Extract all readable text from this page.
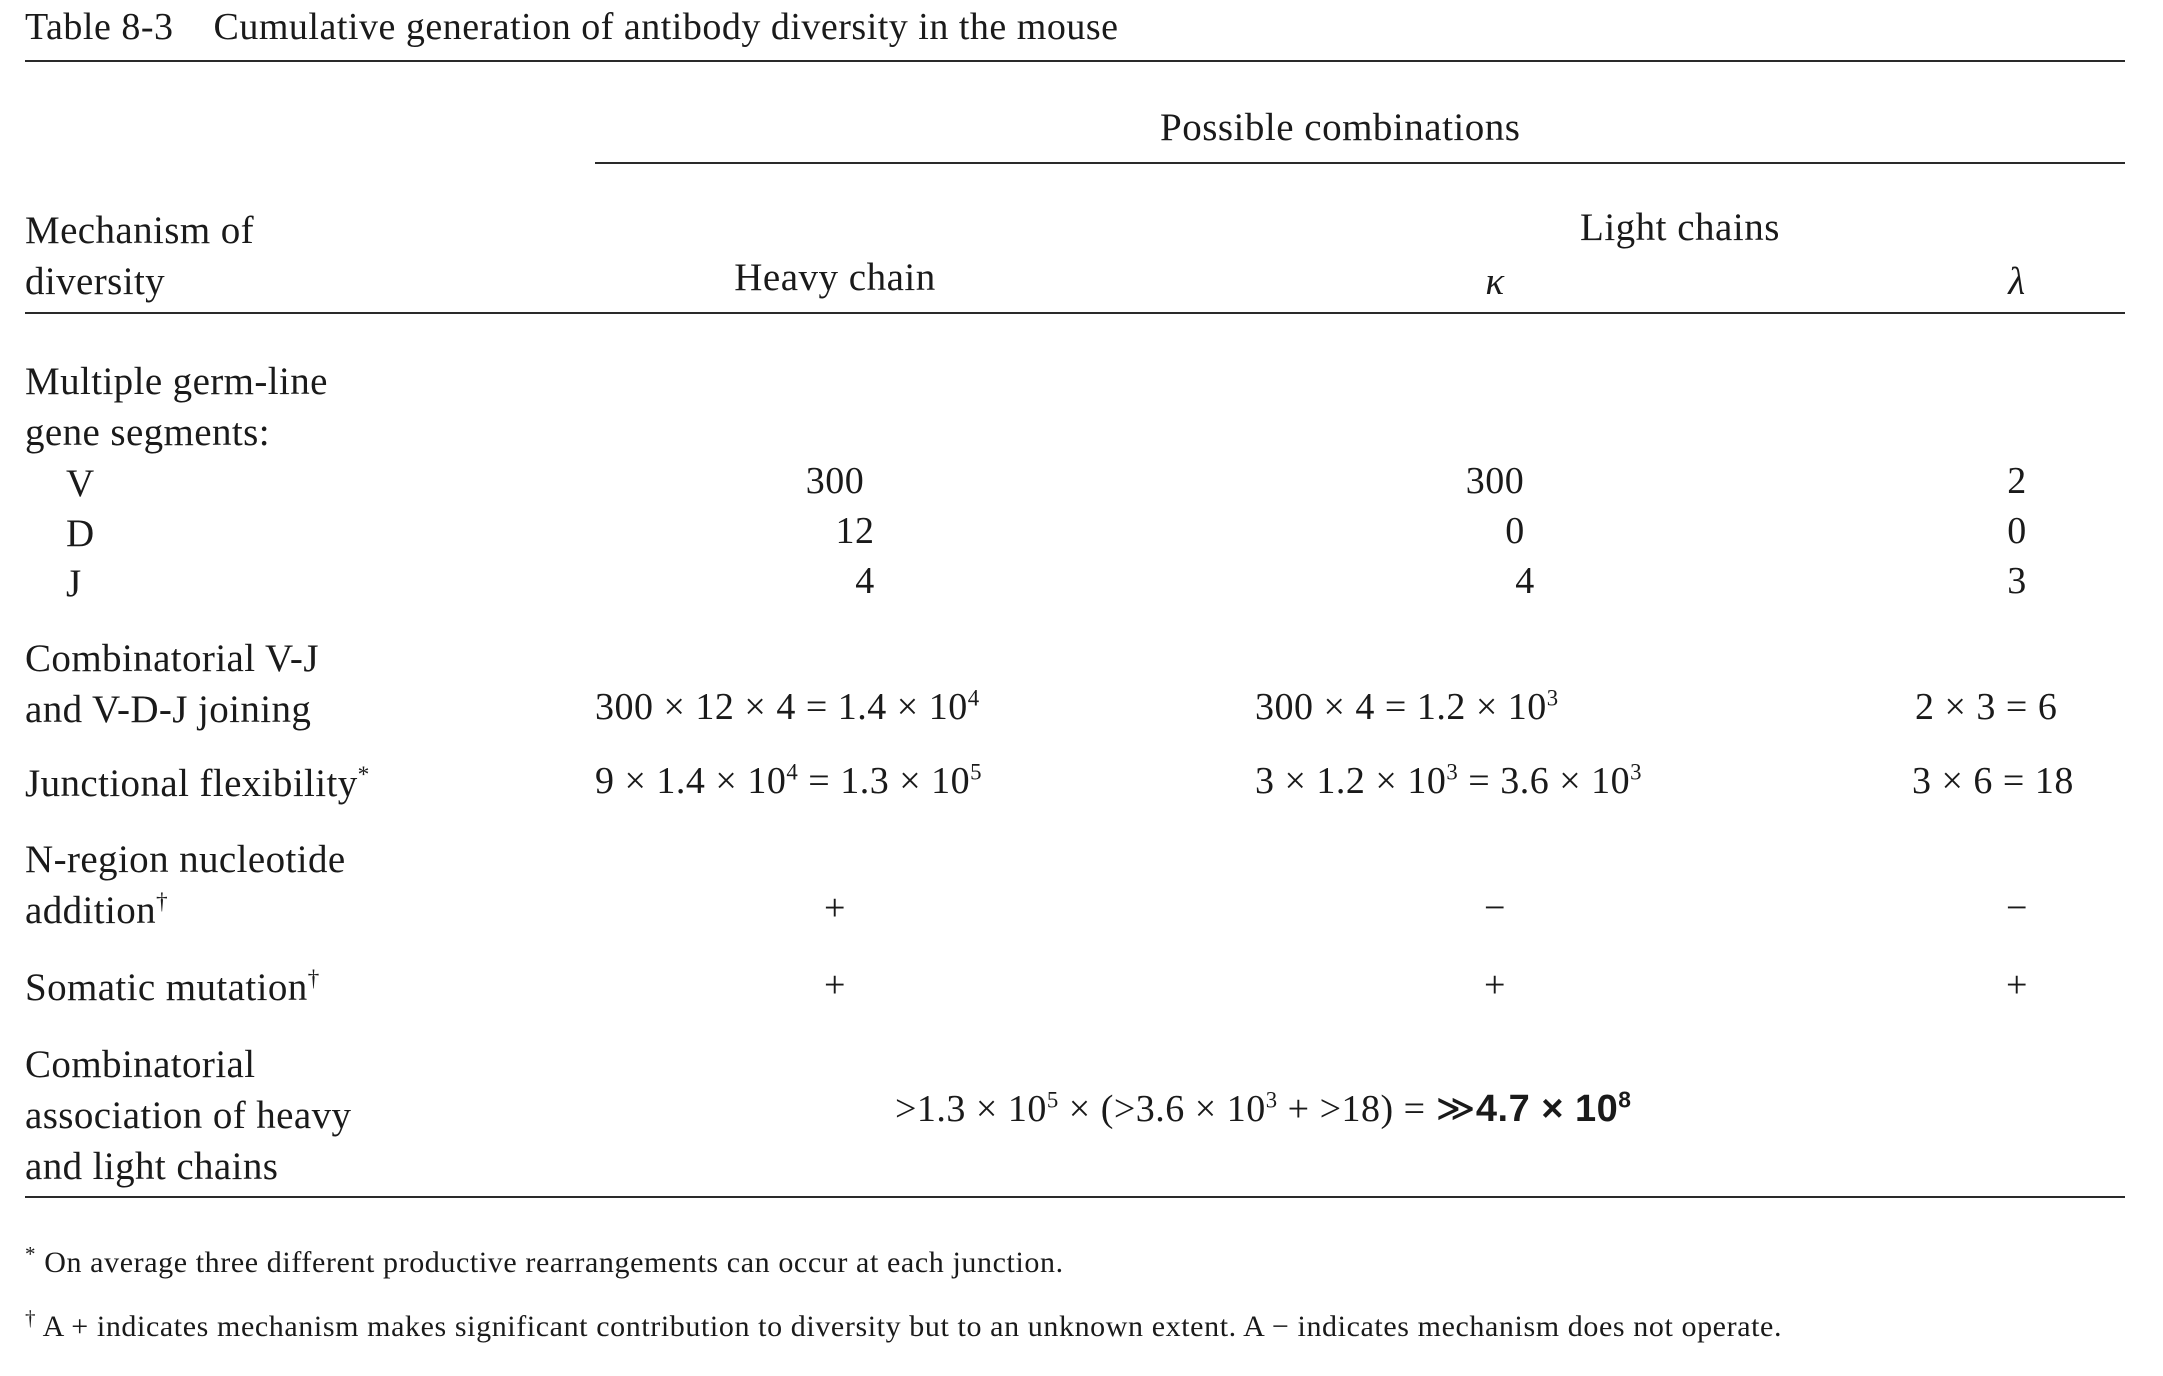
Table 8-3 Cumulative generation of antibody diversity in the mouse
Possible combinations
Mechanism of
diversity
Light chains
Heavy chain	κ	λ
Multiple germ-line
gene segments:
V	300	300	2
D	12	0	0
J	4	4	3
Combinatorial V-J
and V-D-J joining	$300 \times 12 \times 4 = 1.4 \times 10^4$	$300 \times 4 = 1.2 \times 10^3$	2 × 3 = 6
Junctional flexibility*	$9 \times 1.4 \times 10^4 = 1.3 \times 10^5$	$3 \times 1.2 \times 10^3 = 3.6 \times 10^3$	3 × 6 = 18
N-region nucleotide
addition†	+	−	−
Somatic mutation†	+	+	+
Combinatorial
association of heavy
and light chains
$>1.3 \times 10^5 \times (>3.6 \times 10^3 + >18)$ = ≫4.7 × $10^8$
* On average three different productive rearrangements can occur at each junction.
† A + indicates mechanism makes significant contribution to diversity but to an unknown extent. A − indicates mechanism does not operate.
